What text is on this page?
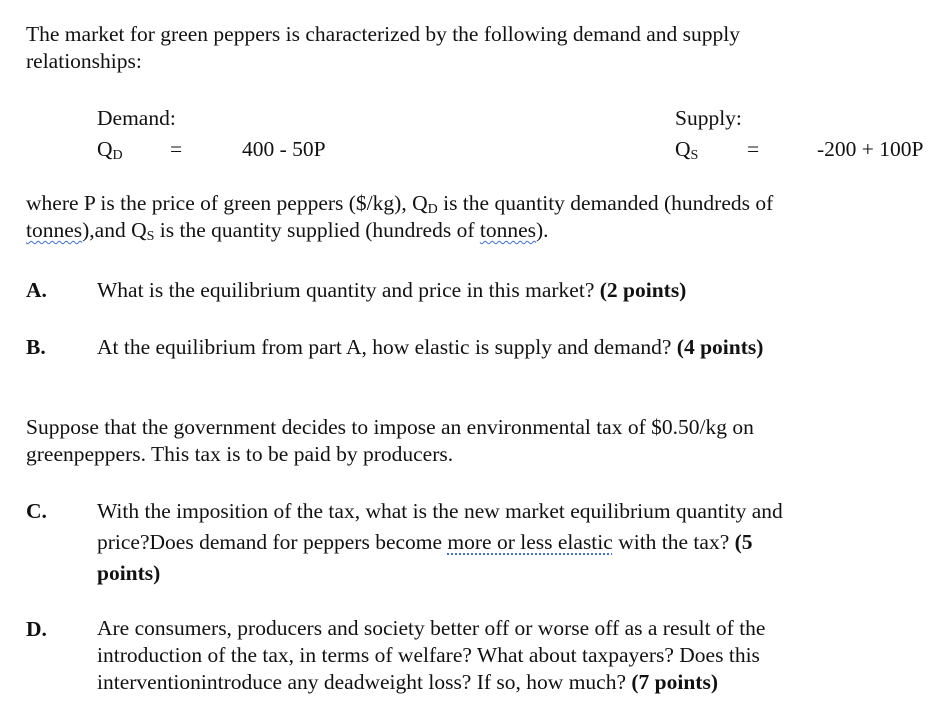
The market for green peppers is characterized by the following demand and supply
relationships:
Demand:
$Q_D$ =	400 - 50P
Supply:
$Q_S$ =	-200 + 100P
where P is the price of green peppers ($/kg), $Q_D$ is the quantity demanded (hundreds of
tonnes),and $Q_S$ is the quantity supplied (hundreds of tonnes).
A. What is the equilibrium quantity and price in this market? (2 points)
B. At the equilibrium from part A, how elastic is supply and demand? (4 points)
Suppose that the government decides to impose an environmental tax of $0.50/kg on
greenpeppers. This tax is to be paid by producers.
C. With the imposition of the tax, what is the new market equilibrium quantity and
price?Does demand for peppers become more or less elastic with the tax? (5
points)
D. Are consumers, producers and society better off or worse off as a result of the
introduction of the tax, in terms of welfare? What about taxpayers? Does this
interventionintroduce any deadweight loss? If so, how much? (7 points)
